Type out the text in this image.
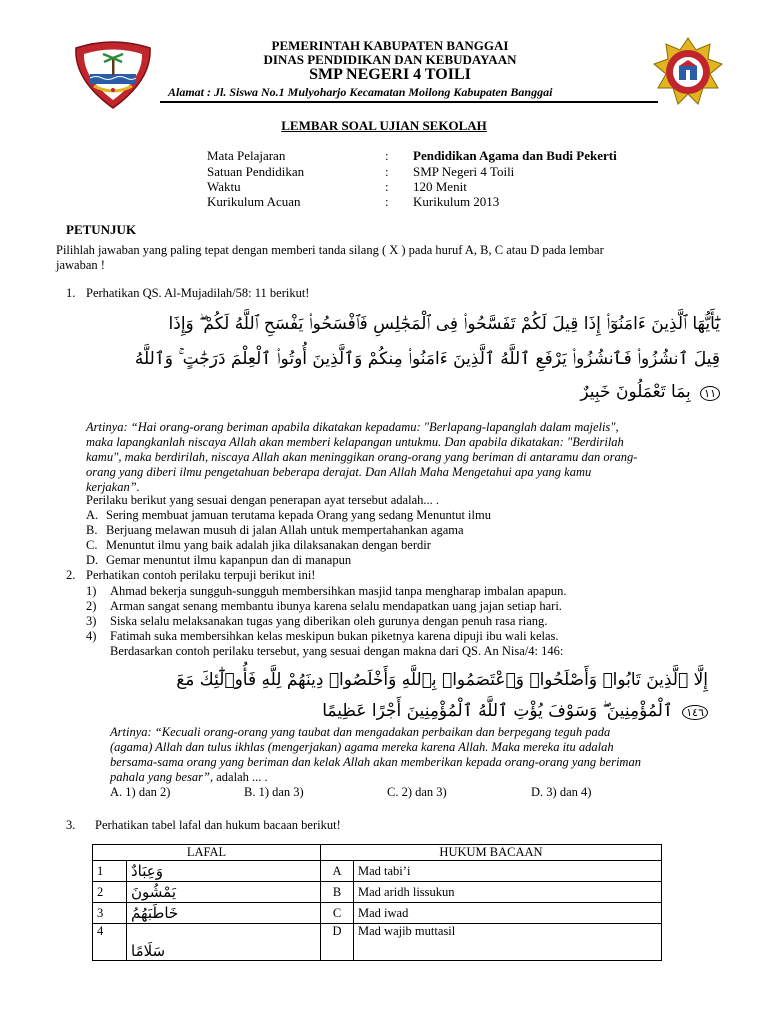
PEMERINTAH KABUPATEN BANGGAI
DINAS PENDIDIKAN DAN KEBUDAYAAN
SMP NEGERI 4 TOILI
Alamat : Jl. Siswa No.1 Mulyoharjo Kecamatan Moilong Kabupaten Banggai
LEMBAR SOAL UJIAN SEKOLAH
Mata Pelajaran	: Pendidikan Agama dan Budi Pekerti
Satuan Pendidikan	: SMP Negeri 4 Toili
Waktu	: 120 Menit
Kurikulum Acuan	: Kurikulum 2013
PETUNJUK
Pilihlah jawaban yang paling tepat dengan memberi tanda silang ( X ) pada huruf A, B, C atau D pada lembar
jawaban !
1. Perhatikan QS. Al-Mujadilah/58: 11 berikut!
يَٰٓأَيُّهَا ٱلَّذِينَ ءَامَنُوٓا۟ إِذَا قِيلَ لَكُمْ تَفَسَّحُوا۟ فِى ٱلْمَجَٰلِسِ فَٱفْسَحُوا۟ يَفْسَحِ ٱللَّهُ لَكُمْ ۖ وَإِذَا
قِيلَ ٱنشُزُوا۟ فَٱنشُزُوا۟ يَرْفَعِ ٱللَّهُ ٱلَّذِينَ ءَامَنُوا۟ مِنكُمْ وَٱلَّذِينَ أُوتُوا۟ ٱلْعِلْمَ دَرَجَٰتٍ ۚ وَٱللَّهُ
١١ بِمَا تَعْمَلُونَ خَبِيرٌ
Artinya: “Hai orang-orang beriman apabila dikatakan kepadamu: "Berlapang-lapanglah dalam majelis",
maka lapangkanlah niscaya Allah akan memberi kelapangan untukmu. Dan apabila dikatakan: "Berdirilah
kamu", maka berdirilah, niscaya Allah akan meninggikan orang-orang yang beriman di antaramu dan orang-
orang yang diberi ilmu pengetahuan beberapa derajat. Dan Allah Maha Mengetahui apa yang kamu
kerjakan”.
Perilaku berikut yang sesuai dengan penerapan ayat tersebut adalah... .
A. Sering membuat jamuan terutama kepada Orang yang sedang Menuntut ilmu
B. Berjuang melawan musuh di jalan Allah untuk mempertahankan agama
C. Menuntut ilmu yang baik adalah jika dilaksanakan dengan berdir
D. Gemar menuntut ilmu kapanpun dan di manapun
2. Perhatikan contoh perilaku terpuji berikut ini!
1) Ahmad bekerja sungguh-sungguh membersihkan masjid tanpa mengharap imbalan apapun.
2) Arman sangat senang membantu ibunya karena selalu mendapatkan uang jajan setiap hari.
3) Siska selalu melaksanakan tugas yang diberikan oleh gurunya dengan penuh rasa riang.
4) Fatimah suka membersihkan kelas meskipun bukan piketnya karena dipuji ibu wali kelas.
Berdasarkan contoh perilaku tersebut, yang sesuai dengan makna dari QS. An Nisa/4: 146:
إِلَّا ٱلَّذِينَ تَابُوا۟ وَأَصْلَحُوا۟ وَٱعْتَصَمُوا۟ بِٱللَّهِ وَأَخْلَصُوا۟ دِينَهُمْ لِلَّهِ فَأُو۟لَٰٓئِكَ مَعَ
١٤٦ ٱلْمُؤْمِنِينَ ۖ وَسَوْفَ يُؤْتِ ٱللَّهُ ٱلْمُؤْمِنِينَ أَجْرًا عَظِيمًا
Artinya: “Kecuali orang-orang yang taubat dan mengadakan perbaikan dan berpegang teguh pada
(agama) Allah dan tulus ikhlas (mengerjakan) agama mereka karena Allah. Maka mereka itu adalah
bersama-sama orang yang beriman dan kelak Allah akan memberikan kepada orang-orang yang beriman
pahala yang besar”, adalah ... .
A. 1) dan 2)	B. 1) dan 3)	C. 2) dan 3)	D. 3) dan 4)
3. Perhatikan tabel lafal dan hukum bacaan berikut!
LAFAL		HUKUM BACAAN	
1	وَعِبَادٌ	A	Mad tabi’i
2	يَمْشُونَ	B	Mad aridh lissukun
3	خَاطَبَهُمُ	C	Mad iwad
4	سَلَامًا	D	Mad wajib muttasil
